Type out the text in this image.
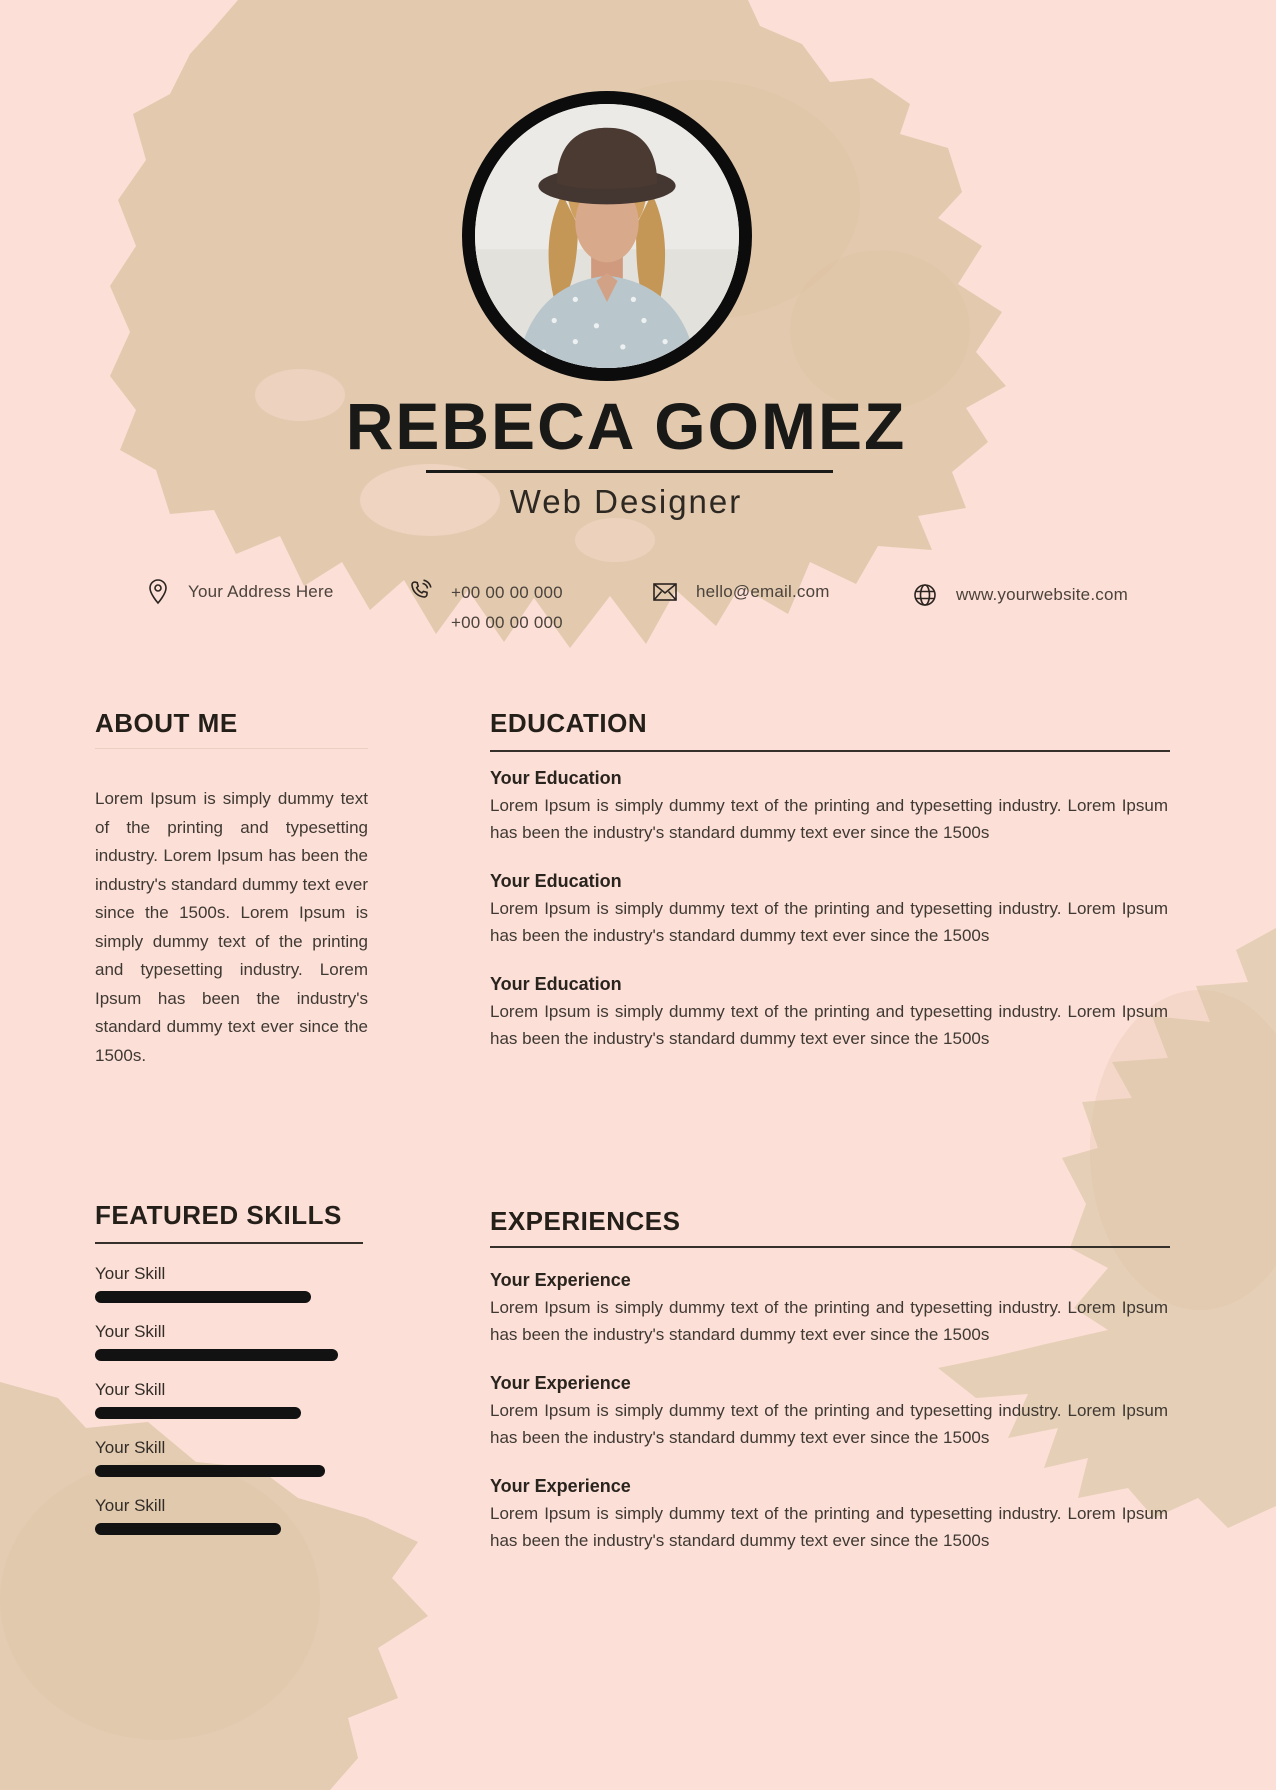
REBECA GOMEZ
Web Designer
Your Address Here	+00 00 00 000
+00 00 00 000
hello@email.com	www.yourwebsite.com
ABOUT ME

Lorem Ipsum is simply dummy text of the printing and typesetting industry. Lorem Ipsum has been the industry's standard dummy text ever since the 1500s. Lorem Ipsum is simply dummy text of the printing and typesetting industry. Lorem Ipsum has been the industry's standard dummy text ever since the 1500s.

EDUCATION

Your Education

Lorem Ipsum is simply dummy text of the printing and typesetting industry. Lorem Ipsum has been the industry's standard dummy text ever since the 1500s

Your Education

Lorem Ipsum is simply dummy text of the printing and typesetting industry. Lorem Ipsum has been the industry's standard dummy text ever since the 1500s

Your Education

Lorem Ipsum is simply dummy text of the printing and typesetting industry. Lorem Ipsum has been the industry's standard dummy text ever since the 1500s

FEATURED SKILLS
Your Skill
Your Skill
Your Skill
Your Skill
Your Skill
EXPERIENCES

Your Experience

Lorem Ipsum is simply dummy text of the printing and typesetting industry. Lorem Ipsum has been the industry's standard dummy text ever since the 1500s

Your Experience

Lorem Ipsum is simply dummy text of the printing and typesetting industry. Lorem Ipsum has been the industry's standard dummy text ever since the 1500s

Your Experience

Lorem Ipsum is simply dummy text of the printing and typesetting industry. Lorem Ipsum has been the industry's standard dummy text ever since the 1500s
